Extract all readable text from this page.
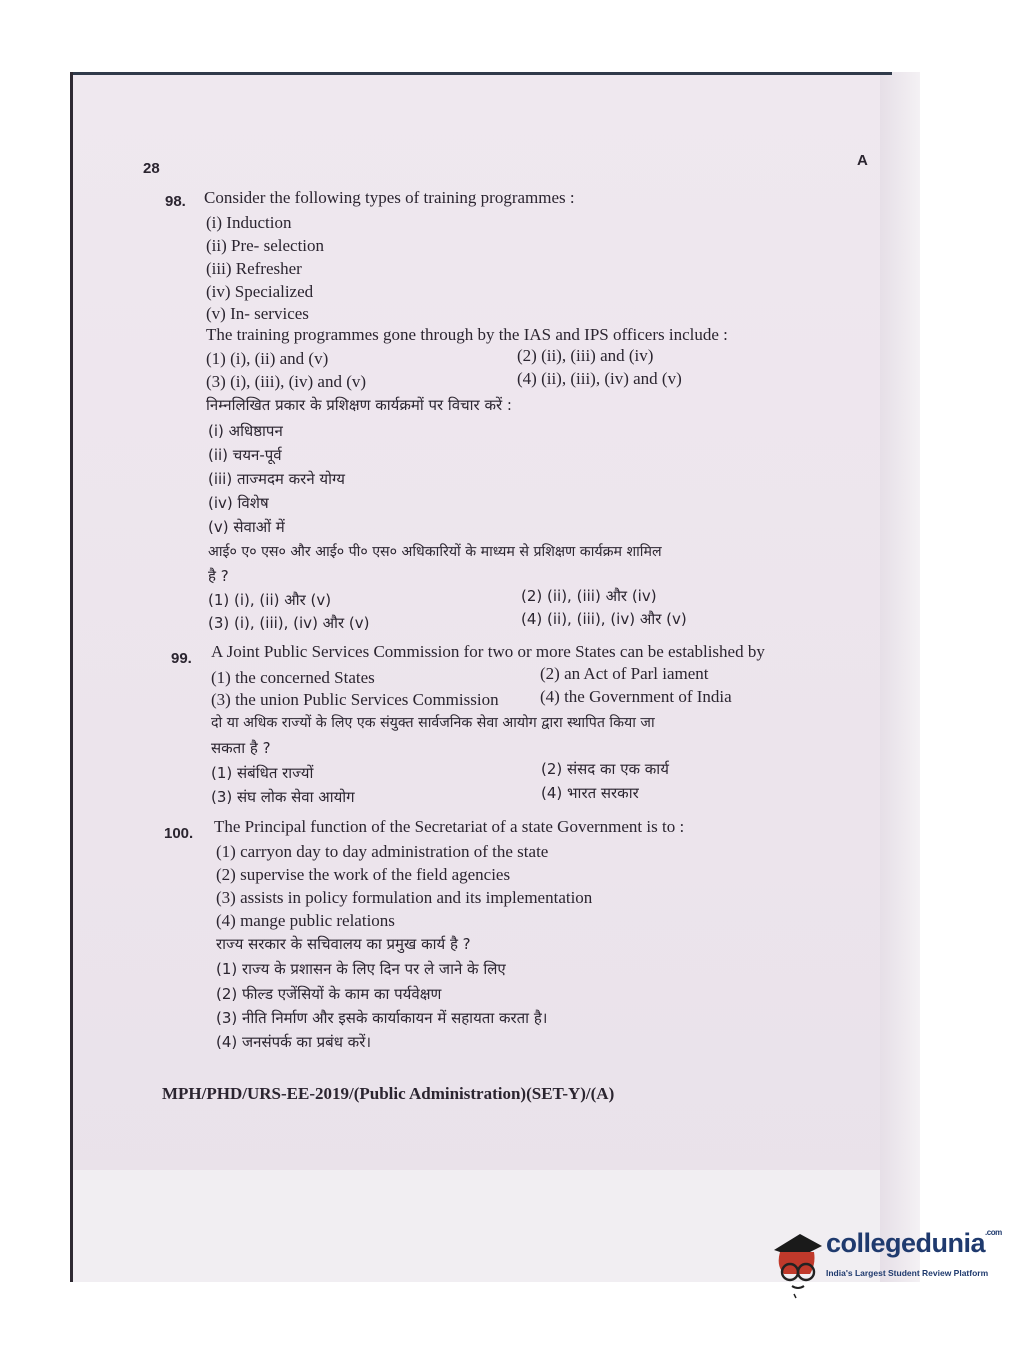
28	A
98. Consider the following types of training programmes :
(i) Induction
(ii) Pre- selection
(iii) Refresher
(iv) Specialized
(v) In- services
The training programmes gone through by the IAS and IPS officers include :
(1) (i), (ii) and (v)	(2) (ii), (iii) and (iv)
(3) (i), (iii), (iv) and (v)	(4) (ii), (iii), (iv) and (v)
निम्नलिखित प्रकार के प्रशिक्षण कार्यक्रमों पर विचार करें :
(i) अधिष्ठापन
(ii) चयन-पूर्व
(iii) ताज्मदम करने योग्य
(iv) विशेष
(v) सेवाओं में
आई० ए० एस० और आई० पी० एस० अधिकारियों के माध्यम से प्रशिक्षण कार्यक्रम शामिल
है ?
(1) (i), (ii) और (v)	(2) (ii), (iii) और (iv)
(3) (i), (iii), (iv) और (v)	(4) (ii), (iii), (iv) और (v)
99. A Joint Public Services Commission for two or more States can be established by
(1) the concerned States	(2) an Act of Parl iament
(3) the union Public Services Commission (4) the Government of India
दो या अधिक राज्यों के लिए एक संयुक्त सार्वजनिक सेवा आयोग द्वारा स्थापित किया जा
सकता है ?
(1) संबंधित राज्यों	(2) संसद का एक कार्य
(3) संघ लोक सेवा आयोग	(4) भारत सरकार
100. The Principal function of the Secretariat of a state Government is to :
(1) carryon day to day administration of the state
(2) supervise the work of the field agencies
(3) assists in policy formulation and its implementation
(4) mange public relations
राज्य सरकार के सचिवालय का प्रमुख कार्य है ?
(1) राज्य के प्रशासन के लिए दिन पर ले जाने के लिए
(2) फील्ड एजेंसियों के काम का पर्यवेक्षण
(3) नीति निर्माण और इसके कार्याकायन में सहायता करता है।
(4) जनसंपर्क का प्रबंध करें।
MPH/PHD/URS-EE-2019/(Public Administration)(SET-Y)/(A)
collegedunia$^{.com}$
India's Largest Student Review Platform
